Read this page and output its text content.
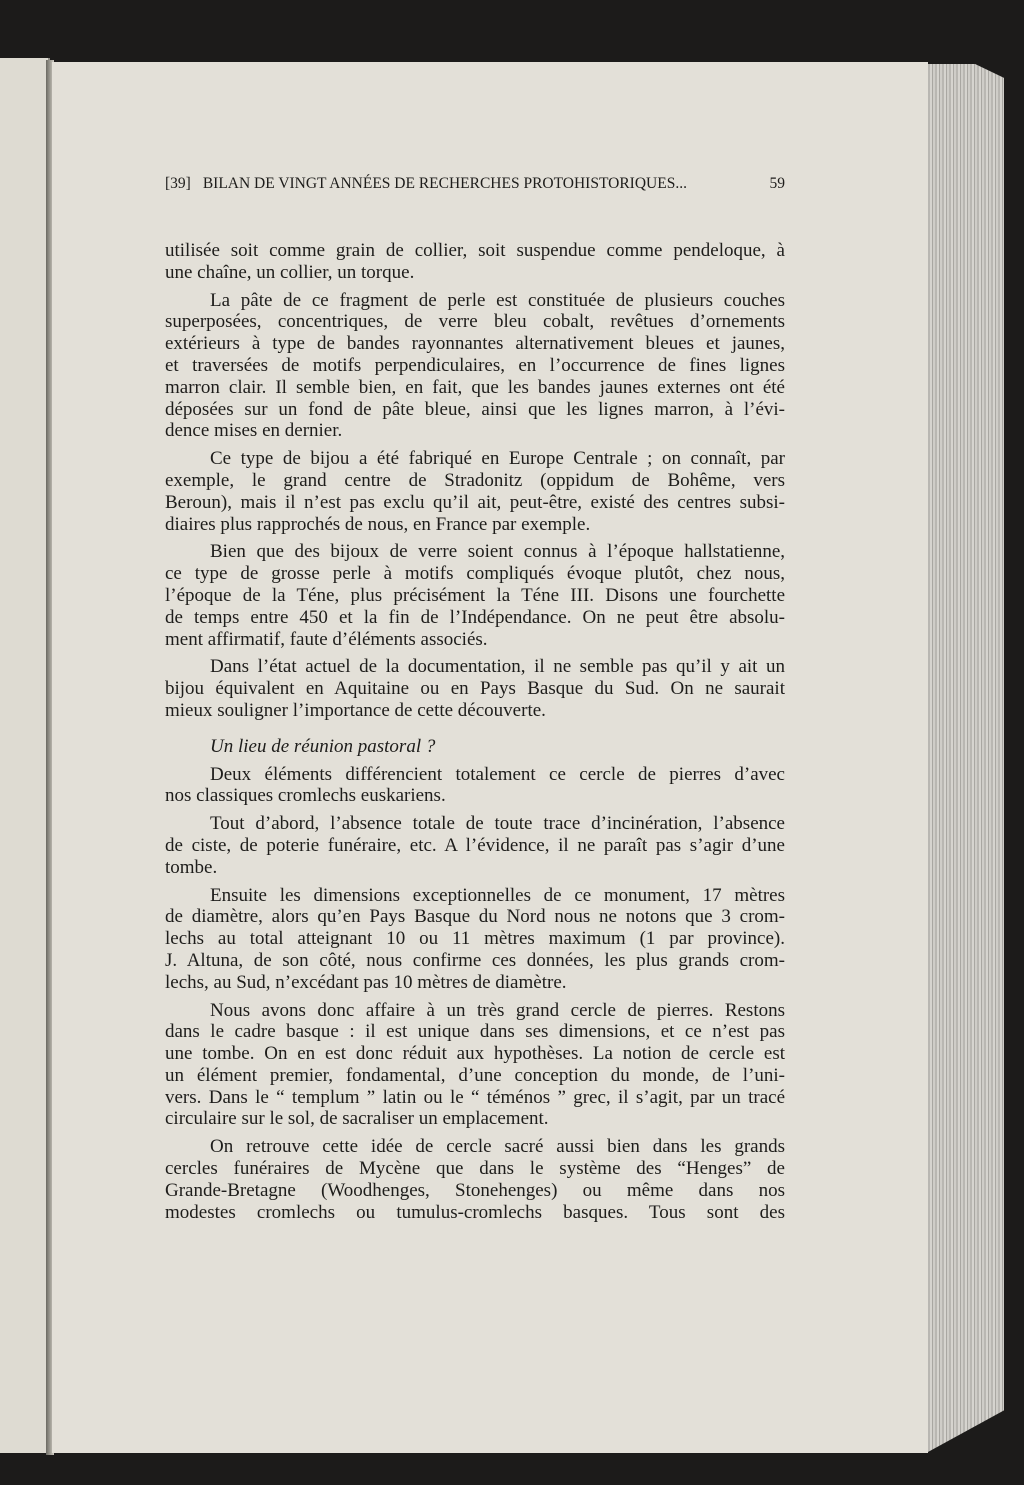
[39] BILAN DE VINGT ANNÉES DE RECHERCHES PROTOHISTORIQUES...	59
utilisée soit comme grain de collier, soit suspendue comme pendeloque, à
une chaîne, un collier, un torque.
La pâte de ce fragment de perle est constituée de plusieurs couches
superposées, concentriques, de verre bleu cobalt, revêtues d’ornements
extérieurs à type de bandes rayonnantes alternativement bleues et jaunes,
et traversées de motifs perpendiculaires, en l’occurrence de fines lignes
marron clair. Il semble bien, en fait, que les bandes jaunes externes ont été
déposées sur un fond de pâte bleue, ainsi que les lignes marron, à l’évi-
dence mises en dernier.
Ce type de bijou a été fabriqué en Europe Centrale ; on connaît, par
exemple, le grand centre de Stradonitz (oppidum de Bohême, vers
Beroun), mais il n’est pas exclu qu’il ait, peut-être, existé des centres subsi-
diaires plus rapprochés de nous, en France par exemple.
Bien que des bijoux de verre soient connus à l’époque hallstatienne,
ce type de grosse perle à motifs compliqués évoque plutôt, chez nous,
l’époque de la Téne, plus précisément la Téne III. Disons une fourchette
de temps entre 450 et la fin de l’Indépendance. On ne peut être absolu-
ment affirmatif, faute d’éléments associés.
Dans l’état actuel de la documentation, il ne semble pas qu’il y ait un
bijou équivalent en Aquitaine ou en Pays Basque du Sud. On ne saurait
mieux souligner l’importance de cette découverte.
Un lieu de réunion pastoral ?
Deux éléments différencient totalement ce cercle de pierres d’avec
nos classiques cromlechs euskariens.
Tout d’abord, l’absence totale de toute trace d’incinération, l’absence
de ciste, de poterie funéraire, etc. A l’évidence, il ne paraît pas s’agir d’une
tombe.
Ensuite les dimensions exceptionnelles de ce monument, 17 mètres
de diamètre, alors qu’en Pays Basque du Nord nous ne notons que 3 crom-
lechs au total atteignant 10 ou 11 mètres maximum (1 par province).
J. Altuna, de son côté, nous confirme ces données, les plus grands crom-
lechs, au Sud, n’excédant pas 10 mètres de diamètre.
Nous avons donc affaire à un très grand cercle de pierres. Restons
dans le cadre basque : il est unique dans ses dimensions, et ce n’est pas
une tombe. On en est donc réduit aux hypothèses. La notion de cercle est
un élément premier, fondamental, d’une conception du monde, de l’uni-
vers. Dans le “ templum ” latin ou le “ téménos ” grec, il s’agit, par un tracé
circulaire sur le sol, de sacraliser un emplacement.
On retrouve cette idée de cercle sacré aussi bien dans les grands
cercles funéraires de Mycène que dans le système des “Henges” de
Grande-Bretagne (Woodhenges, Stonehenges) ou même dans nos
modestes cromlechs ou tumulus-cromlechs basques. Tous sont des
